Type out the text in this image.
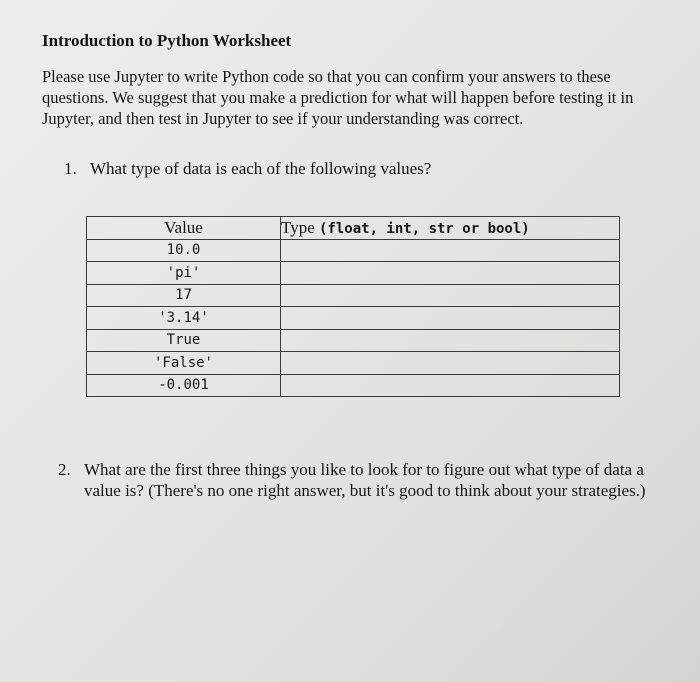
Introduction to Python Worksheet
Please use Jupyter to write Python code so that you can confirm your answers to these questions. We suggest that you make a prediction for what will happen before testing it in Jupyter, and then test in Jupyter to see if your understanding was correct.
1. What type of data is each of the following values?
Value	Type (float, int, str or bool)
10.0	
'pi'	
17	
'3.14'	
True	
'False'	
-0.001	
2. What are the first three things you like to look for to figure out what type of data a value is? (There's no one right answer, but it's good to think about your strategies.)
